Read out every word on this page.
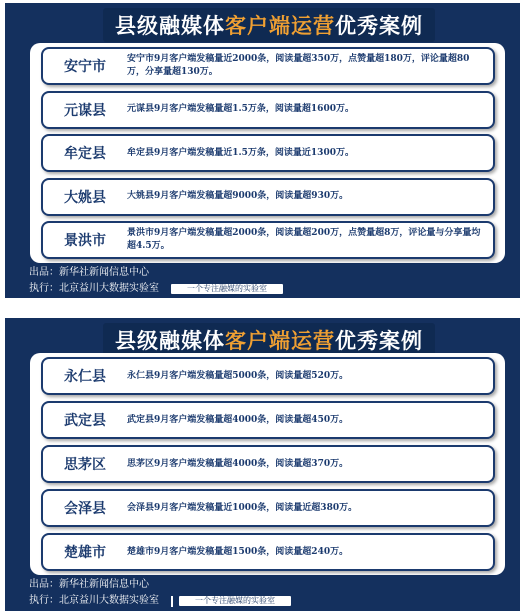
县级融媒体 客户端运营 优秀案例
安宁市	安宁市9月客户端发稿量近2000条，阅读量超350万，点赞量超180万，评论量超80万，分享量超130万。
元谋县	元谋县9月客户端发稿量超1.5万条，阅读量超1600万。
牟定县	牟定县9月客户端发稿量近1.5万条，阅读量近1300万。
大姚县	大姚县9月客户端发稿量超9000条，阅读量超930万。
景洪市	景洪市9月客户端发稿量超2000条，阅读量超200万，点赞量超8万，评论量与分享量均超4.5万。
出品：新华社新闻信息中心
执行：北京益川大数据实验室	一个专注融媒的实验室
县级融媒体 客户端运营 优秀案例
永仁县	永仁县9月客户端发稿量超5000条，阅读量超520万。
武定县	武定县9月客户端发稿量超4000条，阅读量超450万。
思茅区	思茅区9月客户端发稿量超4000条，阅读量超370万。
会泽县	会泽县9月客户端发稿量近1000条，阅读量近超380万。
楚雄市	楚雄市9月客户端发稿量超1500条，阅读量超240万。
出品：新华社新闻信息中心
执行：北京益川大数据实验室	一个专注融媒的实验室
